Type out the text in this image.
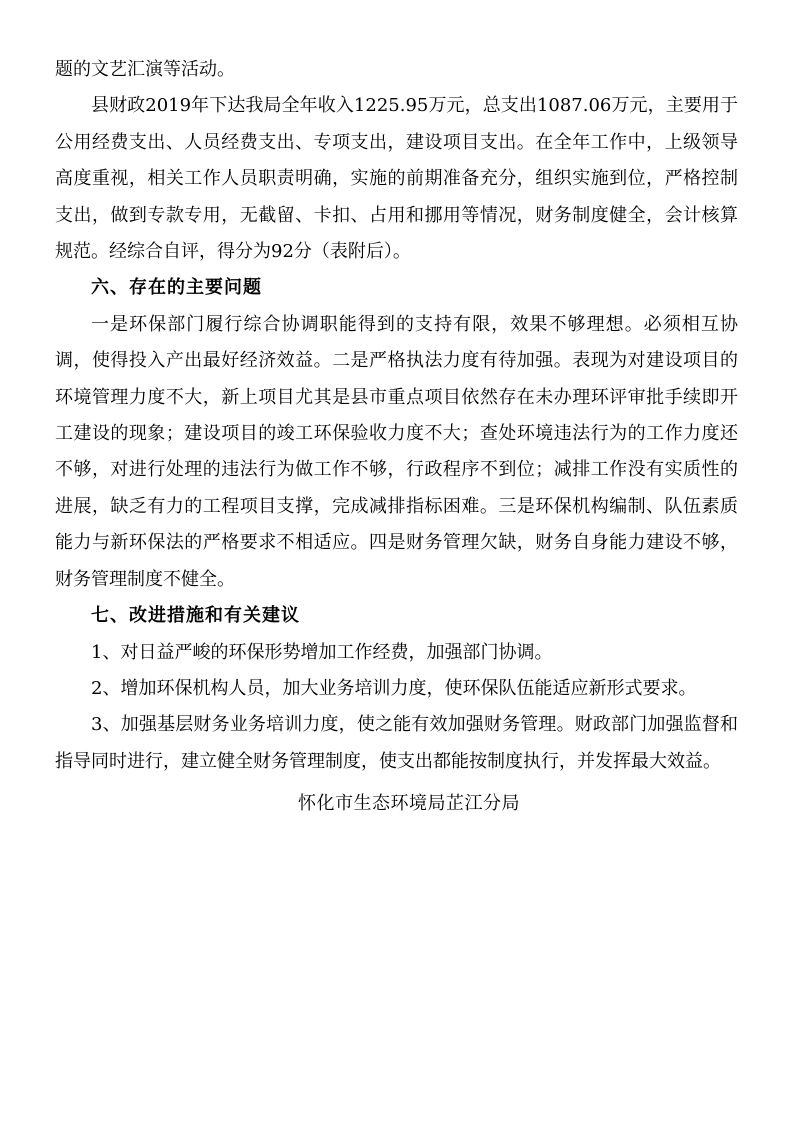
题的文艺汇演等活动。

县财政2019年下达我局全年收入1225.95万元，总支出1087.06万元，主要用于公用经费支出、人员经费支出、专项支出，建设项目支出。在全年工作中，上级领导高度重视，相关工作人员职责明确，实施的前期准备充分，组织实施到位，严格控制支出，做到专款专用，无截留、卡扣、占用和挪用等情况，财务制度健全，会计核算规范。经综合自评，得分为92分（表附后）。

六、存在的主要问题

一是环保部门履行综合协调职能得到的支持有限，效果不够理想。必须相互协调，使得投入产出最好经济效益。二是严格执法力度有待加强。表现为对建设项目的环境管理力度不大，新上项目尤其是县市重点项目依然存在未办理环评审批手续即开工建设的现象；建设项目的竣工环保验收力度不大；查处环境违法行为的工作力度还不够，对进行处理的违法行为做工作不够，行政程序不到位；减排工作没有实质性的进展，缺乏有力的工程项目支撑，完成减排指标困难。三是环保机构编制、队伍素质能力与新环保法的严格要求不相适应。四是财务管理欠缺，财务自身能力建设不够，财务管理制度不健全。

七、改进措施和有关建议

1、对日益严峻的环保形势增加工作经费，加强部门协调。

2、增加环保机构人员，加大业务培训力度，使环保队伍能适应新形式要求。

3、加强基层财务业务培训力度，使之能有效加强财务管理。财政部门加强监督和指导同时进行，建立健全财务管理制度，使支出都能按制度执行，并发挥最大效益。

怀化市生态环境局芷江分局
